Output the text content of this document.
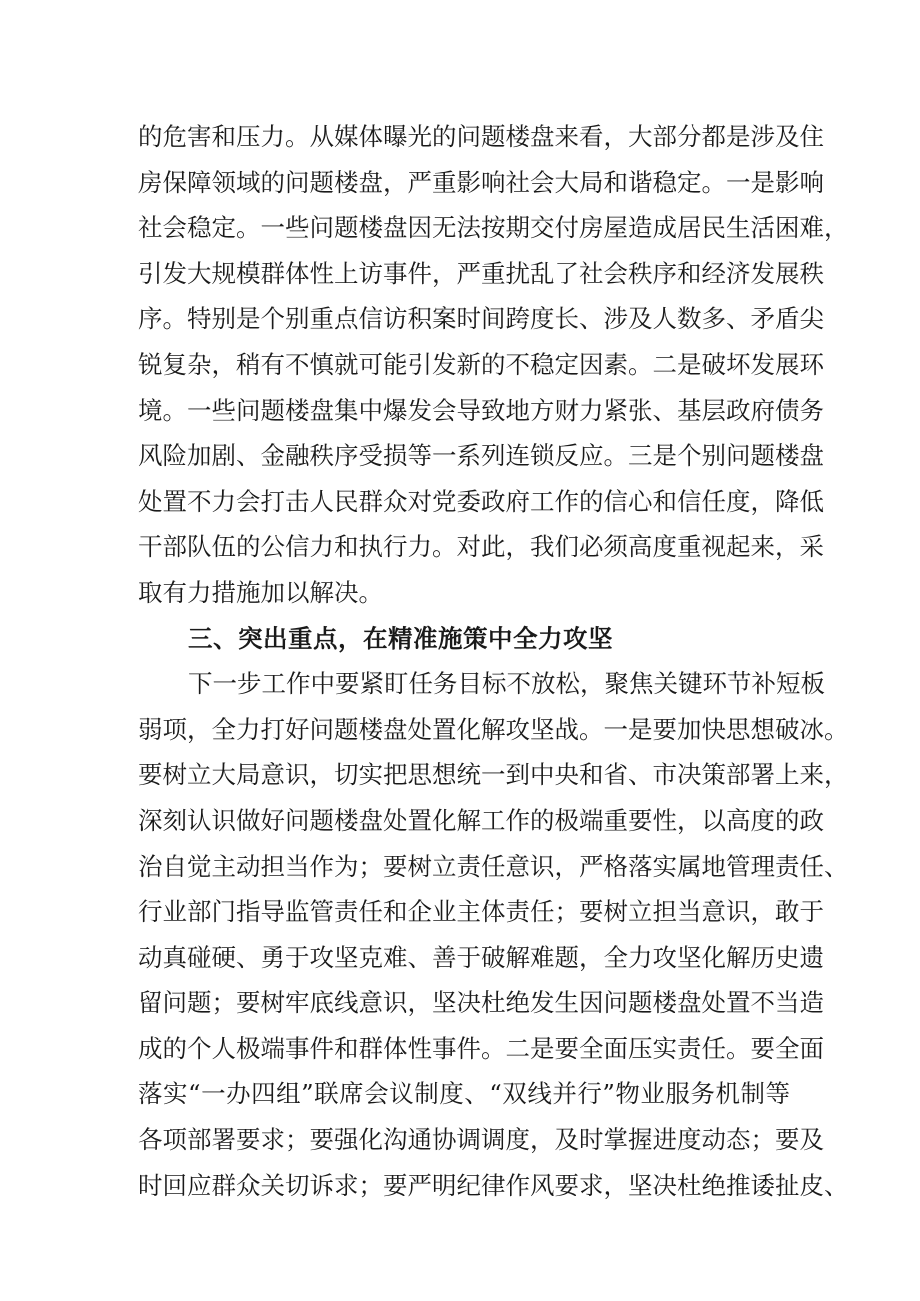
的危害和压力。从媒体曝光的问题楼盘来看，大部分都是涉及住
房保障领域的问题楼盘，严重影响社会大局和谐稳定。一是影响
社会稳定。一些问题楼盘因无法按期交付房屋造成居民生活困难，
引发大规模群体性上访事件，严重扰乱了社会秩序和经济发展秩
序。特别是个别重点信访积案时间跨度长、涉及人数多、矛盾尖
锐复杂，稍有不慎就可能引发新的不稳定因素。二是破坏发展环
境。一些问题楼盘集中爆发会导致地方财力紧张、基层政府债务
风险加剧、金融秩序受损等一系列连锁反应。三是个别问题楼盘
处置不力会打击人民群众对党委政府工作的信心和信任度，降低
干部队伍的公信力和执行力。对此，我们必须高度重视起来，采
取有力措施加以解决。
三、突出重点，在精准施策中全力攻坚
下一步工作中要紧盯任务目标不放松，聚焦关键环节补短板
弱项，全力打好问题楼盘处置化解攻坚战。一是要加快思想破冰。
要树立大局意识，切实把思想统一到中央和省、市决策部署上来，
深刻认识做好问题楼盘处置化解工作的极端重要性，以高度的政
治自觉主动担当作为；要树立责任意识，严格落实属地管理责任、
行业部门指导监管责任和企业主体责任；要树立担当意识，敢于
动真碰硬、勇于攻坚克难、善于破解难题，全力攻坚化解历史遗
留问题；要树牢底线意识，坚决杜绝发生因问题楼盘处置不当造
成的个人极端事件和群体性事件。二是要全面压实责任。要全面
落实“一办四组”联席会议制度、“双线并行”物业服务机制等
各项部署要求；要强化沟通协调调度，及时掌握进度动态；要及
时回应群众关切诉求；要严明纪律作风要求，坚决杜绝推诿扯皮、
